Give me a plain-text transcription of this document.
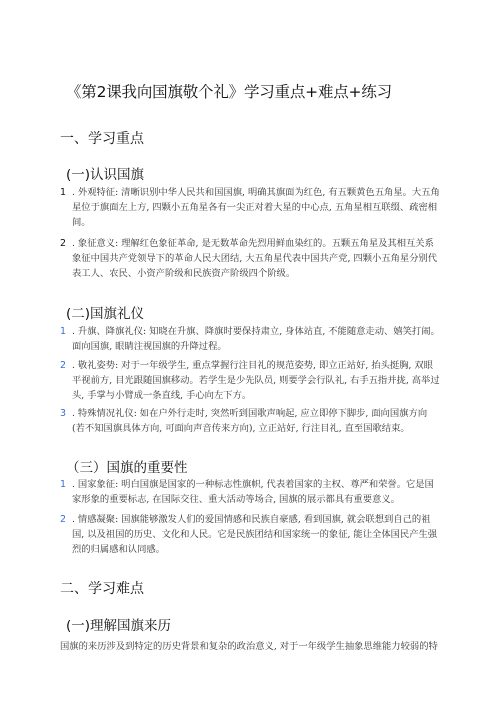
《第2课我向国旗敬个礼》学习重点+难点+练习
一、学习重点
(一)认识国旗
1 . 外观特征: 清晰识别中华人民共和国国旗, 明确其旗面为红色, 有五颗黄色五角星。大五角星位于旗面左上方, 四颗小五角星各有一尖正对着大星的中心点, 五角星相互联缀、疏密相间。
2 . 象征意义: 理解红色象征革命, 是无数革命先烈用鲜血染红的。五颗五角星及其相互关系象征中国共产党领导下的革命人民大团结, 大五角星代表中国共产党, 四颗小五角星分别代表工人、农民、小资产阶级和民族资产阶级四个阶级。
(二)国旗礼仪
1 . 升旗、降旗礼仪: 知晓在升旗、降旗时要保持肃立, 身体站直, 不能随意走动、嬉笑打闹。面向国旗, 眼睛注视国旗的升降过程。
2 . 敬礼姿势: 对于一年级学生, 重点掌握行注目礼的规范姿势, 即立正站好, 抬头挺胸, 双眼平视前方, 目光跟随国旗移动。若学生是少先队员, 则要学会行队礼, 右手五指并拢, 高举过头, 手掌与小臂成一条直线, 手心向左下方。
3 . 特殊情况礼仪: 如在户外行走时, 突然听到国歌声响起, 应立即停下脚步, 面向国旗方向(若不知国旗具体方向, 可面向声音传来方向), 立正站好, 行注目礼, 直至国歌结束。
（三）国旗的重要性
1 . 国家象征: 明白国旗是国家的一种标志性旗帜, 代表着国家的主权、尊严和荣誉。它是国家形象的重要标志, 在国际交往、重大活动等场合, 国旗的展示都具有重要意义。
2 . 情感凝聚: 国旗能够激发人们的爱国情感和民族自豪感, 看到国旗, 就会联想到自己的祖国, 以及祖国的历史、文化和人民。它是民族团结和国家统一的象征, 能让全体国民产生强烈的归属感和认同感。
二、学习难点
(一)理解国旗来历
国旗的来历涉及到特定的历史背景和复杂的政治意义, 对于一年级学生抽象思维能力较弱的特
